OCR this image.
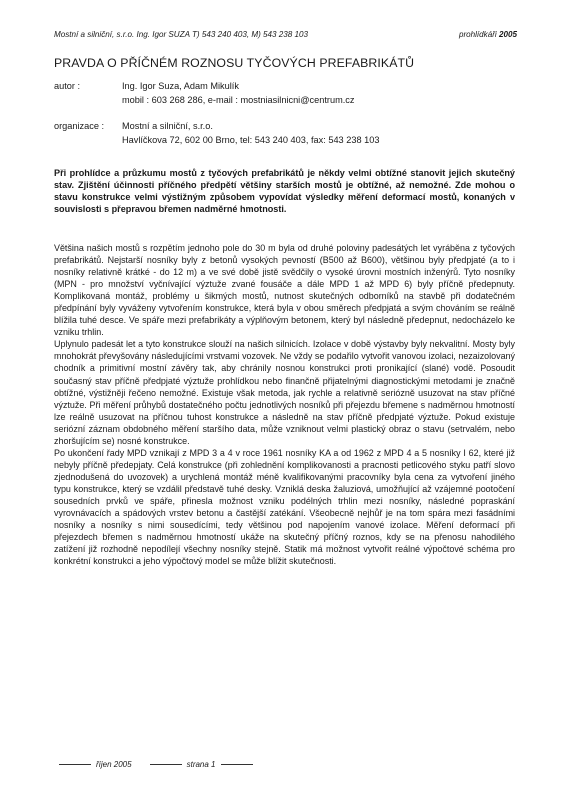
Mostní a silniční, s.r.o. Ing. Igor SUZA T) 543 240 403, M) 543 238 103	prohlídkáři 2005
PRAVDA O PŘÍČNÉM ROZNOSU TYČOVÝCH PREFABRIKÁTŮ
autor :	Ing. Igor Suza, Adam Mikulík
mobil : 603 268 286, e-mail : mostniasilnicni@centrum.cz
organizace : Mostní a silniční, s.r.o.
Havlíčkova 72, 602 00 Brno, tel: 543 240 403, fax: 543 238 103
Při prohlídce a průzkumu mostů z tyčových prefabrikátů je někdy velmi obtížné stanovit jejich skutečný stav. Zjištění účinnosti příčného předpětí většiny starších mostů je obtížné, až nemožné. Zde mohou o stavu konstrukce velmi výstižným způsobem vypovídat výsledky měření deformací mostů, konaných v souvislosti s přepravou břemen nadměrné hmotnosti.

Většina našich mostů s rozpětím jednoho pole do 30 m byla od druhé poloviny padesátých let vyráběna z tyčových prefabrikátů. Nejstarší nosníky byly z betonů vysokých pevností (B500 až B600), většinou byly předpjaté (a to i nosníky relativně krátké - do 12 m) a ve své době jistě svědčily o vysoké úrovni mostních inženýrů. Tyto nosníky (MPN - pro množství vyčnívající výztuže zvané fousáče a dále MPD 1 až MPD 6) byly příčně předepnuty. Komplikovaná montáž, problémy u šikmých mostů, nutnost skutečných odborníků na stavbě při dodatečném předpínání byly vyváženy vytvořením konstrukce, která byla v obou směrech předpjatá a svým chováním se reálně blížila tuhé desce. Ve spáře mezi prefabrikáty a výplňovým betonem, který byl následně předepnut, nedocházelo ke vzniku trhlin.

Uplynulo padesát let a tyto konstrukce slouží na našich silnicích. Izolace v době výstavby byly nekvalitní. Mosty byly mnohokrát převyšovány následujícími vrstvami vozovek. Ne vždy se podařilo vytvořit vanovou izolaci, nezaizolovaný chodník a primitivní mostní závěry tak, aby chránily nosnou konstrukci proti pronikající (slané) vodě. Posoudit současný stav příčně předpjaté výztuže prohlídkou nebo finančně přijatelnými diagnostickými metodami je značně obtížné, výstižněji řečeno nemožné. Existuje však metoda, jak rychle a relativně seriózně usuzovat na stav příčné výztuže. Při měření průhybů dostatečného počtu jednotlivých nosníků při přejezdu břemene s nadměrnou hmotností lze reálně usuzovat na příčnou tuhost konstrukce a následně na stav příčně předpjaté výztuže. Pokud existuje seriózní záznam obdobného měření staršího data, může vzniknout velmi plastický obraz o stavu (setrvalém, nebo zhoršujícím se) nosné konstrukce.

Po ukončení řady MPD vznikají z MPD 3 a 4 v roce 1961 nosníky KA a od 1962 z MPD 4 a 5 nosníky I 62, které již nebyly příčně předepjaty. Celá konstrukce (při zohlednění komplikovanosti a pracnosti petlicového styku patří slovo zjednodušená do uvozovek) a urychlená montáž méně kvalifikovanými pracovníky byla cena za vytvoření jiného typu konstrukce, který se vzdálil představě tuhé desky. Vzniklá deska žaluziová, umožňující až vzájemné pootočení sousedních prvků ve spáře, přinesla možnost vzniku podélných trhlin mezi nosníky, následné popraskání vyrovnávacích a spádových vrstev betonu a častější zatékání. Všeobecně nejhůř je na tom spára mezi fasádními nosníky a nosníky s nimi sousedícími, tedy většinou pod napojením vanové izolace. Měření deformací při přejezdech břemen s nadměrnou hmotností ukáže na skutečný příčný roznos, kdy se na přenosu nahodilého zatížení již rozhodně nepodílejí všechny nosníky stejně. Statik má možnost vytvořit reálné výpočtové schéma pro konkrétní konstrukci a jeho výpočtový model se může blížit skutečnosti.

říjen 2005	strana 1
